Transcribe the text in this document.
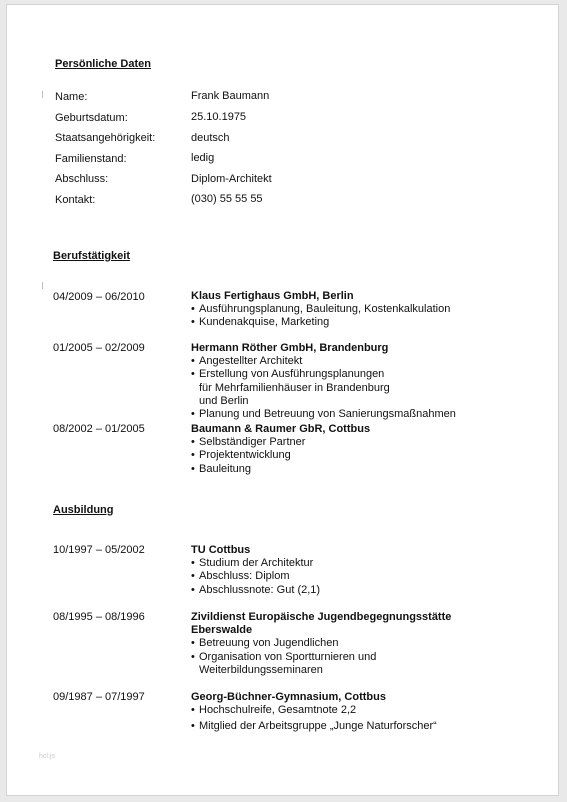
Persönliche Daten
Name:	Frank Baumann
Geburtsdatum:	25.10.1975
Staatsangehörigkeit:	deutsch
Familienstand:	ledig
Abschluss:	Diplom-Architekt
Kontakt:	(030) 55 55 55
Berufstätigkeit
04/2009 – 06/2010	Klaus Fertighaus GmbH, Berlin
• Ausführungsplanung, Bauleitung, Kostenkalkulation
• Kundenakquise, Marketing
01/2005 – 02/2009	Hermann Röther GmbH, Brandenburg
• Angestellter Architekt
• Erstellung von Ausführungsplanungen für Mehrfamilienhäuser in Brandenburg und Berlin
• Planung und Betreuung von Sanierungsmaßnahmen
08/2002 – 01/2005	Baumann & Raumer GbR, Cottbus
• Selbständiger Partner
• Projektentwicklung
• Bauleitung
Ausbildung
10/1997 – 05/2002	TU Cottbus
• Studium der Architektur
• Abschluss: Diplom
• Abschlussnote: Gut (2,1)
08/1995 – 08/1996	Zivildienst Europäische Jugendbegegnungsstätte Eberswalde
• Betreuung von Jugendlichen
• Organisation von Sportturnieren und Weiterbildungsseminaren
09/1987 – 07/1997	Georg-Büchner-Gymnasium, Cottbus
• Hochschulreife, Gesamtnote 2,2
• Mitglied der Arbeitsgruppe „Junge Naturforscher“
hcl.js
